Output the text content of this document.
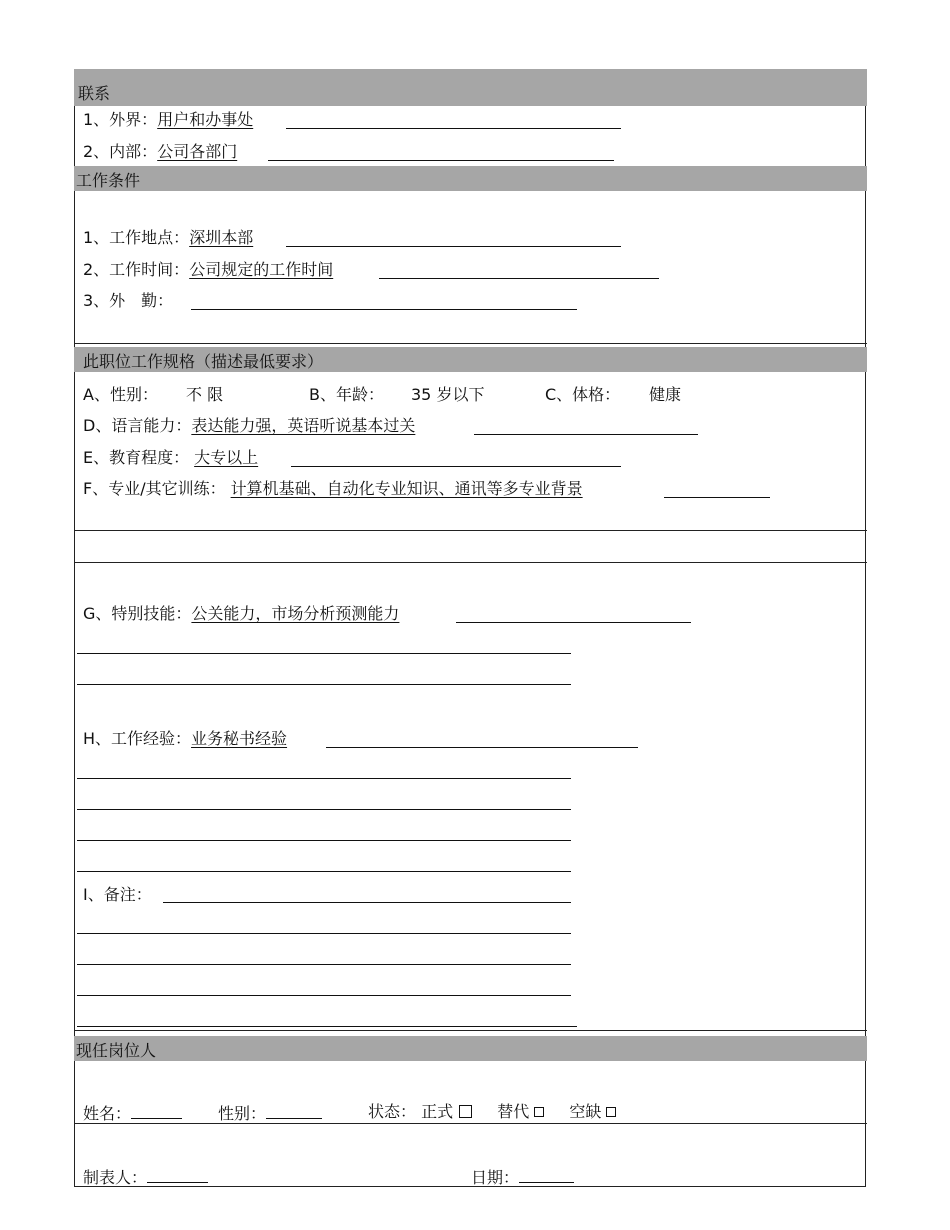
联系
1、外界：用户和办事处
2、内部：公司各部门
工作条件
1、工作地点：深圳本部
2、工作时间：公司规定的工作时间
3、外　勤：
此职位工作规格（描述最低要求）
A、性别：	不 限	B、年龄：	35 岁以下	C、体格：	健康
D、语言能力：表达能力强，英语听说基本过关
E、教育程度： 大专以上
F、专业/其它训练： 计算机基础、自动化专业知识、通讯等多专业背景
G、特别技能：公关能力，市场分析预测能力
H、工作经验：业务秘书经验
I、备注：
现任岗位人
姓名：	性别：	状态： 正式	替代	空缺
制表人：	日期：
